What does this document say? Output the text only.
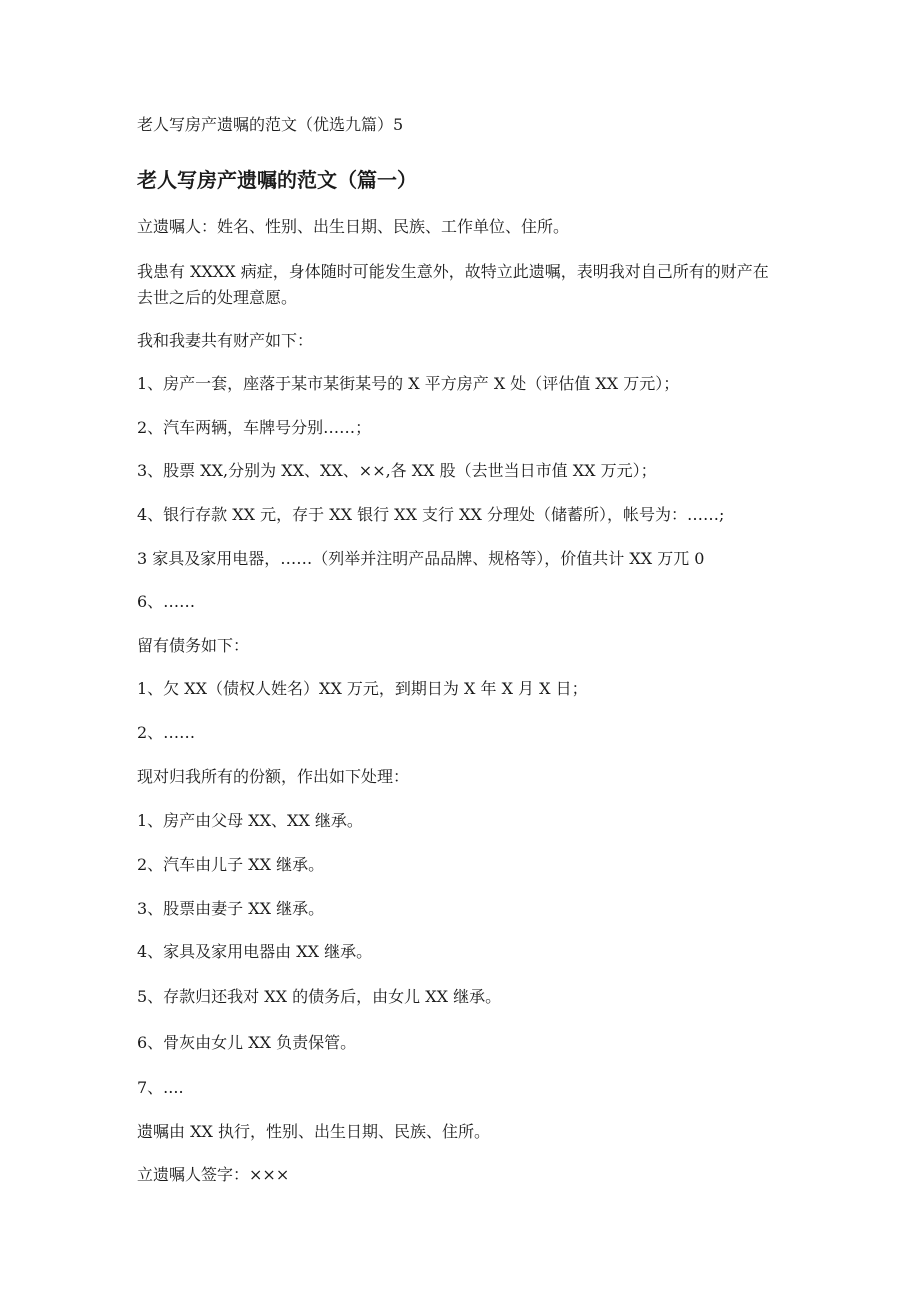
老人写房产遗嘱的范文（优选九篇）5
老人写房产遗嘱的范文（篇一）

立遗嘱人：姓名、性别、出生日期、民族、工作单位、住所。

我患有 XXXX 病症，身体随时可能发生意外，故特立此遗嘱，表明我对自己所有的财产在去世之后的处理意愿。

我和我妻共有财产如下：

1、房产一套，座落于某市某街某号的 X 平方房产 X 处（评估值 XX 万元）；

2、汽车两辆，车牌号分别……；

3、股票 XX,分别为 XX、XX、××,各 XX 股（去世当日市值 XX 万元）；

4、银行存款 XX 元，存于 XX 银行 XX 支行 XX 分理处（储蓄所），帐号为：……;

3 家具及家用电器，……（列举并注明产品品牌、规格等），价值共计 XX 万兀 0

6、……

留有债务如下：

1、欠 XX（债权人姓名）XX 万元，到期日为 X 年 X 月 X 日；

2、……

现对归我所有的份额，作出如下处理：

1、房产由父母 XX、XX 继承。

2、汽车由儿子 XX 继承。

3、股票由妻子 XX 继承。

4、家具及家用电器由 XX 继承。

5、存款归还我对 XX 的债务后，由女儿 XX 继承。

6、骨灰由女儿 XX 负责保管。

7、....

遗嘱由 XX 执行，性别、出生日期、民族、住所。

立遗嘱人签字：×××
